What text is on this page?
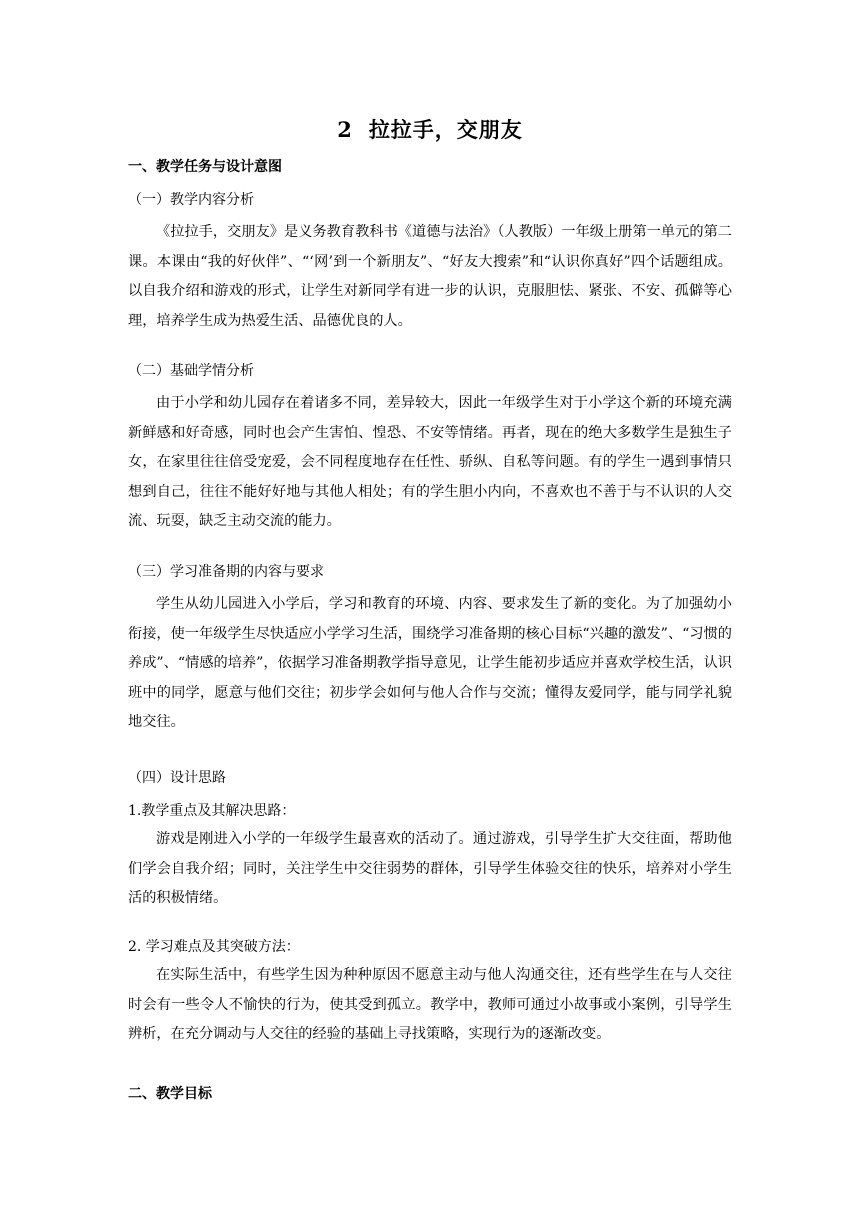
2 拉拉手，交朋友
一、教学任务与设计意图
（一）教学内容分析

《拉拉手，交朋友》是义务教育教科书《道德与法治》（人教版）一年级上册第一单元的第二课。本课由“我的好伙伴”、“‘网’到一个新朋友”、“好友大搜索”和“认识你真好”四个话题组成。以自我介绍和游戏的形式，让学生对新同学有进一步的认识，克服胆怯、紧张、不安、孤僻等心理，培养学生成为热爱生活、品德优良的人。

（二）基础学情分析

由于小学和幼儿园存在着诸多不同，差异较大，因此一年级学生对于小学这个新的环境充满新鲜感和好奇感，同时也会产生害怕、惶恐、不安等情绪。再者，现在的绝大多数学生是独生子女，在家里往往倍受宠爱，会不同程度地存在任性、骄纵、自私等问题。有的学生一遇到事情只想到自己，往往不能好好地与其他人相处；有的学生胆小内向，不喜欢也不善于与不认识的人交流、玩耍，缺乏主动交流的能力。

（三）学习准备期的内容与要求

学生从幼儿园进入小学后，学习和教育的环境、内容、要求发生了新的变化。为了加强幼小衔接，使一年级学生尽快适应小学学习生活，围绕学习准备期的核心目标“兴趣的激发”、“习惯的养成”、“情感的培养”，依据学习准备期教学指导意见，让学生能初步适应并喜欢学校生活，认识班中的同学，愿意与他们交往；初步学会如何与他人合作与交流；懂得友爱同学，能与同学礼貌地交往。

（四）设计思路
1.教学重点及其解决思路：

游戏是刚进入小学的一年级学生最喜欢的活动了。通过游戏，引导学生扩大交往面，帮助他们学会自我介绍；同时，关注学生中交往弱势的群体，引导学生体验交往的快乐，培养对小学生活的积极情绪。

2. 学习难点及其突破方法：

在实际生活中，有些学生因为种种原因不愿意主动与他人沟通交往，还有些学生在与人交往时会有一些令人不愉快的行为，使其受到孤立。教学中，教师可通过小故事或小案例，引导学生辨析，在充分调动与人交往的经验的基础上寻找策略，实现行为的逐渐改变。

二、教学目标
